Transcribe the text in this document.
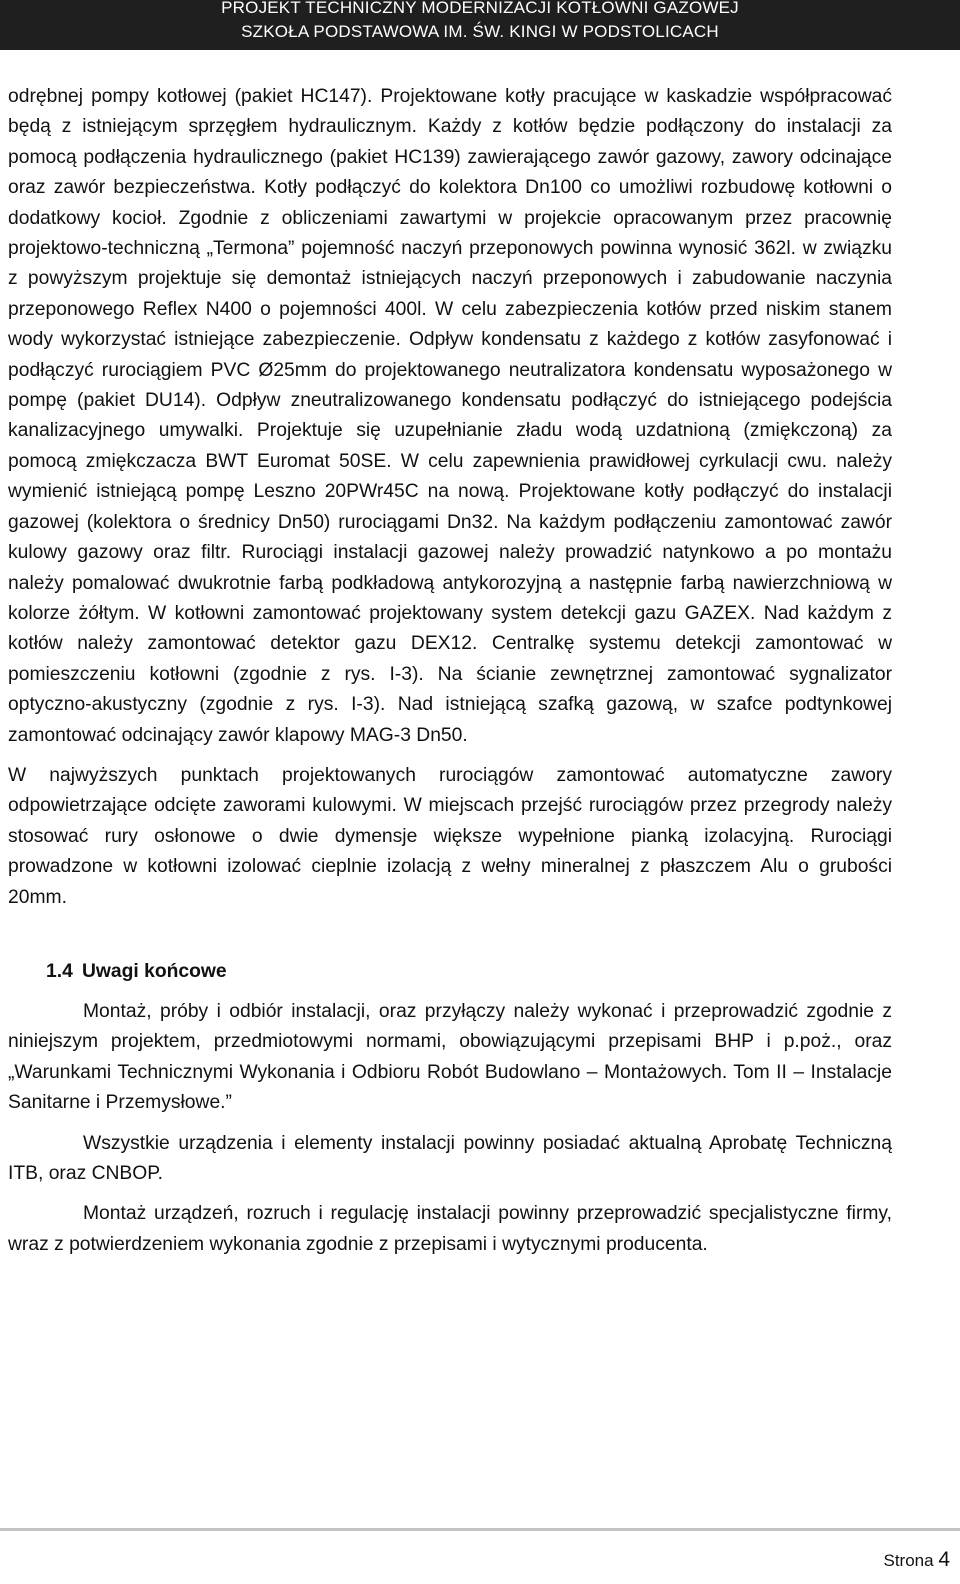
PROJEKT TECHNICZNY MODERNIZACJI KOTŁOWNI GAZOWEJ
SZKOŁA PODSTAWOWA IM. ŚW. KINGI W PODSTOLICACH

odrębnej pompy kotłowej (pakiet HC147). Projektowane kotły pracujące w kaskadzie współpracować będą z istniejącym sprzęgłem hydraulicznym. Każdy z kotłów będzie podłączony do instalacji za pomocą podłączenia hydraulicznego (pakiet HC139) zawierającego zawór gazowy, zawory odcinające oraz zawór bezpieczeństwa. Kotły podłączyć do kolektora Dn100 co umożliwi rozbudowę kotłowni o dodatkowy kocioł. Zgodnie z obliczeniami zawartymi w projekcie opracowanym przez pracownię projektowo-techniczną „Termona” pojemność naczyń przeponowych powinna wynosić 362l. w związku z powyższym projektuje się demontaż istniejących naczyń przeponowych i zabudowanie naczynia przeponowego Reflex N400 o pojemności 400l. W celu zabezpieczenia kotłów przed niskim stanem wody wykorzystać istniejące zabezpieczenie. Odpływ kondensatu z każdego z kotłów zasyfonować i podłączyć rurociągiem PVC Ø25mm do projektowanego neutralizatora kondensatu wyposażonego w pompę (pakiet DU14). Odpływ zneutralizowanego kondensatu podłączyć do istniejącego podejścia kanalizacyjnego umywalki. Projektuje się uzupełnianie zładu wodą uzdatnioną (zmiękczoną) za pomocą zmiękczacza BWT Euromat 50SE. W celu zapewnienia prawidłowej cyrkulacji cwu. należy wymienić istniejącą pompę Leszno 20PWr45C na nową. Projektowane kotły podłączyć do instalacji gazowej (kolektora o średnicy Dn50) rurociągami Dn32. Na każdym podłączeniu zamontować zawór kulowy gazowy oraz filtr. Rurociągi instalacji gazowej należy prowadzić natynkowo a po montażu należy pomalować dwukrotnie farbą podkładową antykorozyjną a następnie farbą nawierzchniową w kolorze żółtym. W kotłowni zamontować projektowany system detekcji gazu GAZEX. Nad każdym z kotłów należy zamontować detektor gazu DEX12. Centralkę systemu detekcji zamontować w pomieszczeniu kotłowni (zgodnie z rys. I-3). Na ścianie zewnętrznej zamontować sygnalizator optyczno-akustyczny (zgodnie z rys. I-3). Nad istniejącą szafką gazową, w szafce podtynkowej zamontować odcinający zawór klapowy MAG-3 Dn50.

W najwyższych punktach projektowanych rurociągów zamontować automatyczne zawory odpowietrzające odcięte zaworami kulowymi. W miejscach przejść rurociągów przez przegrody należy stosować rury osłonowe o dwie dymensje większe wypełnione pianką izolacyjną. Rurociągi prowadzone w kotłowni izolować cieplnie izolacją z wełny mineralnej z płaszczem Alu o grubości 20mm.

1.4 Uwagi końcowe

Montaż, próby i odbiór instalacji, oraz przyłączy należy wykonać i przeprowadzić zgodnie z niniejszym projektem, przedmiotowymi normami, obowiązującymi przepisami BHP i p.poż., oraz „Warunkami Technicznymi Wykonania i Odbioru Robót Budowlano – Montażowych. Tom II – Instalacje Sanitarne i Przemysłowe.”

Wszystkie urządzenia i elementy instalacji powinny posiadać aktualną Aprobatę Techniczną ITB, oraz CNBOP.

Montaż urządzeń, rozruch i regulację instalacji powinny przeprowadzić specjalistyczne firmy, wraz z potwierdzeniem wykonania zgodnie z przepisami i wytycznymi producenta.

Strona 4
